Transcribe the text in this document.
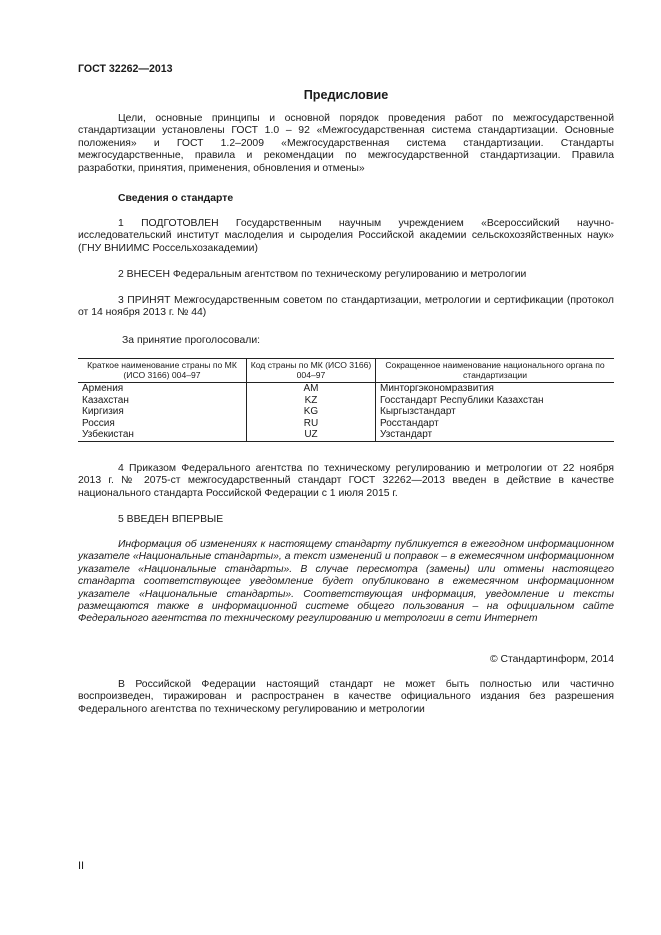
ГОСТ 32262—2013
Предисловие

Цели, основные принципы и основной порядок проведения работ по межгосударственной стандартизации установлены ГОСТ 1.0 – 92 «Межгосударственная система стандартизации. Основные положения» и ГОСТ 1.2–2009 «Межгосударственная система стандартизации. Стандарты межгосударственные, правила и рекомендации по межгосударственной стандартизации. Правила разработки, принятия, применения, обновления и отмены»

Сведения о стандарте

1 ПОДГОТОВЛЕН Государственным научным учреждением «Всероссийский научно-исследовательский институт маслоделия и сыроделия Российской академии сельскохозяйственных наук» (ГНУ ВНИИМС Россельхозакадемии)

2 ВНЕСЕН Федеральным агентством по техническому регулированию и метрологии

3 ПРИНЯТ Межгосударственным советом по стандартизации, метрологии и сертификации (протокол от 14 ноября 2013 г. № 44)

За принятие проголосовали:
Краткое наименование страны по МК (ИСО 3166) 004–97	Код страны по МК (ИСО 3166) 004–97	Сокращенное наименование национального органа по стандартизации
Армения	AM	Минторгэкономразвития
Казахстан	KZ	Госстандарт Республики Казахстан
Киргизия	KG	Кыргызстандарт
Россия	RU	Росстандарт
Узбекистан	UZ	Узстандарт

4 Приказом Федерального агентства по техническому регулированию и метрологии от 22 ноября 2013 г. № 2075-ст межгосударственный стандарт ГОСТ 32262—2013 введен в действие в качестве национального стандарта Российской Федерации с 1 июля 2015 г.

5 ВВЕДЕН ВПЕРВЫЕ

Информация об изменениях к настоящему стандарту публикуется в ежегодном информационном указателе «Национальные стандарты», а текст изменений и поправок – в ежемесячном информационном указателе «Национальные стандарты». В случае пересмотра (замены) или отмены настоящего стандарта соответствующее уведомление будет опубликовано в ежемесячном информационном указателе «Национальные стандарты». Соответствующая информация, уведомление и тексты размещаются также в информационной системе общего пользования – на официальном сайте Федерального агентства по техническому регулированию и метрологии в сети Интернет

© Стандартинформ, 2014

В Российской Федерации настоящий стандарт не может быть полностью или частично воспроизведен, тиражирован и распространен в качестве официального издания без разрешения Федерального агентства по техническому регулированию и метрологии

II
